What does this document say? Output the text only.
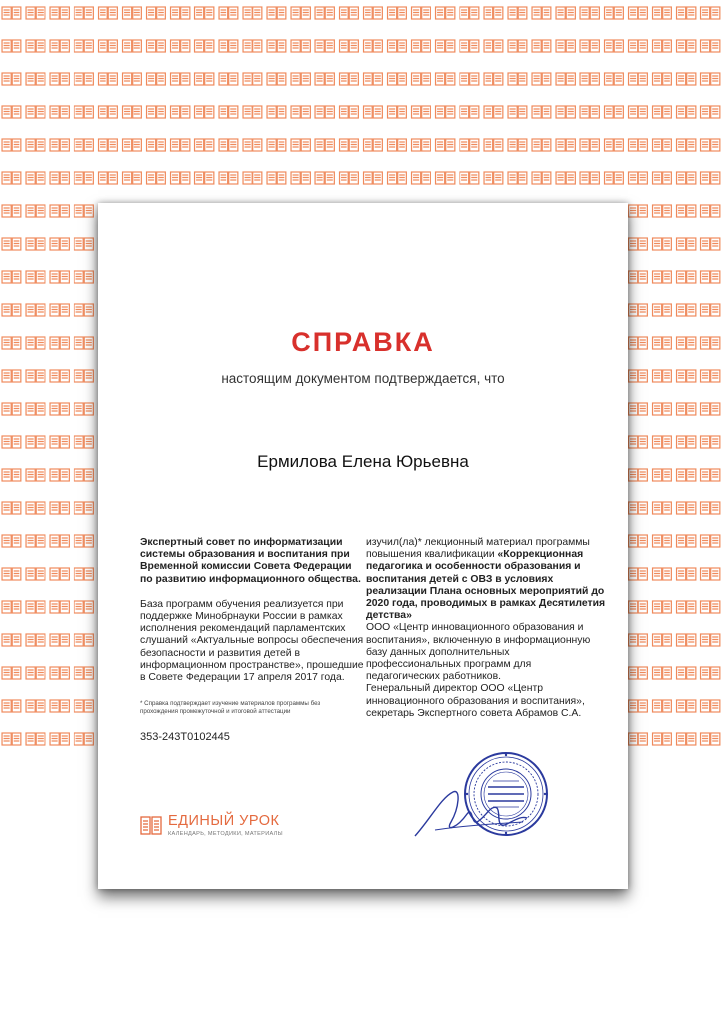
СПРАВКА
настоящим документом подтверждается, что
Ермилова Елена Юрьевна
Экспертный совет по информатизации системы образования и воспитания при Временной комиссии Совета Федерации по развитию информационного общества.
База программ обучения реализуется при поддержке Минобрнауки России в рамках исполнения рекомендаций парламентских слушаний «Актуальные вопросы обеспечения безопасности и развития детей в информационном пространстве», прошедшие в Совете Федерации 17 апреля 2017 года.
* Справка подтверждает изучение материалов программы без прохождения промежуточной и итоговой аттестации
353-243Т0102445

изучил(ла)* лекционный материал программы повышения квалификации «Коррекционная педагогика и особенности образования и воспитания детей с ОВЗ в условиях реализации Плана основных мероприятий до 2020 года, проводимых в рамках Десятилетия детства»

ООО «Центр инновационного образования и воспитания», включенную в информационную базу данных дополнительных профессиональных программ для педагогических работников.

Генеральный директор ООО «Центр инновационного образования и воспитания», секретарь Экспертного совета Абрамов С.А.

ЕДИНЫЙ УРОК
КАЛЕНДАРЬ, МЕТОДИКИ, МАТЕРИАЛЫ
